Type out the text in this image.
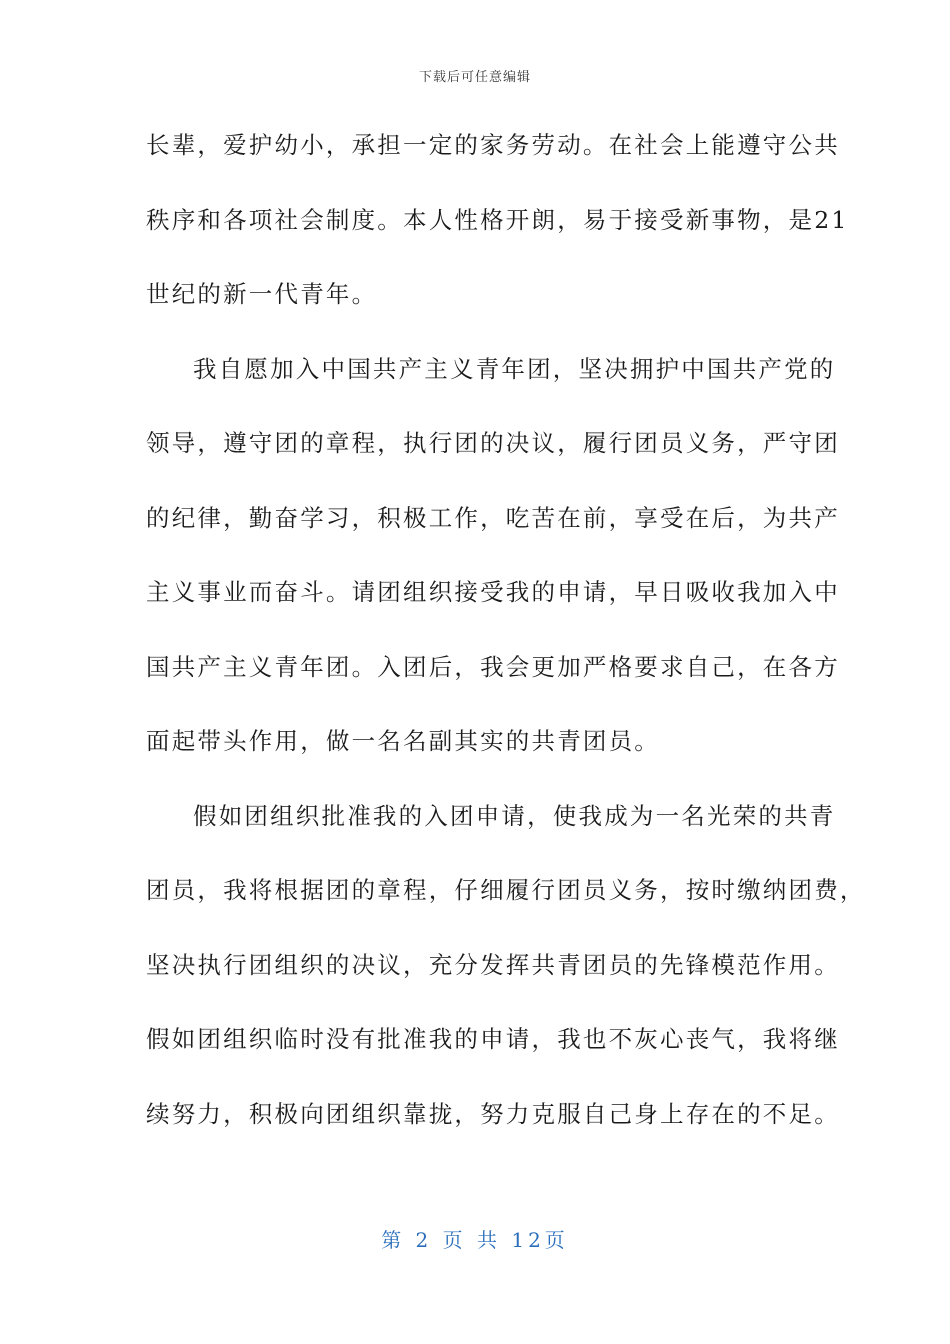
下载后可任意编辑
长辈，爱护幼小，承担一定的家务劳动。在社会上能遵守公共
秩序和各项社会制度。本人性格开朗，易于接受新事物，是21
世纪的新一代青年。
我自愿加入中国共产主义青年团，坚决拥护中国共产党的
领导，遵守团的章程，执行团的决议，履行团员义务，严守团
的纪律，勤奋学习，积极工作，吃苦在前，享受在后，为共产
主义事业而奋斗。请团组织接受我的申请，早日吸收我加入中
国共产主义青年团。入团后，我会更加严格要求自己，在各方
面起带头作用，做一名名副其实的共青团员。
假如团组织批准我的入团申请，使我成为一名光荣的共青
团员，我将根据团的章程，仔细履行团员义务，按时缴纳团费，
坚决执行团组织的决议，充分发挥共青团员的先锋模范作用。
假如团组织临时没有批准我的申请，我也不灰心丧气，我将继
续努力，积极向团组织靠拢，努力克服自己身上存在的不足。
第 2 页 共 12页
